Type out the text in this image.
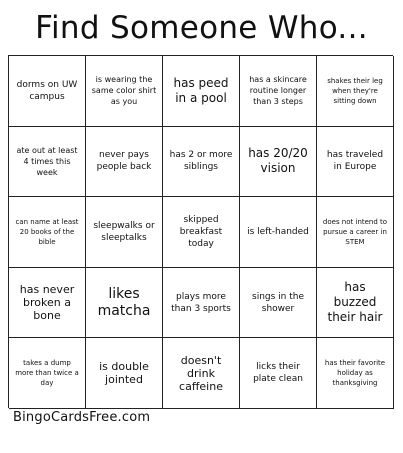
Find Someone Who...
dorms on UW campus
is wearing the same color shirt as you
has peed in a pool
has a skincare routine longer than 3 steps
shakes their leg when they're sitting down
ate out at least 4 times this week
never pays people back
has 2 or more siblings
has 20/20 vision
has traveled in Europe
can name at least 20 books of the bible
sleepwalks or sleeptalks
skipped breakfast today
is left-handed
does not intend to pursue a career in STEM
has never broken a bone
likes matcha
plays more than 3 sports
sings in the shower
has buzzed their hair
takes a dump more than twice a day
is double jointed
doesn't drink caffeine
licks their plate clean
has their favorite holiday as thanksgiving
BingoCardsFree.com
